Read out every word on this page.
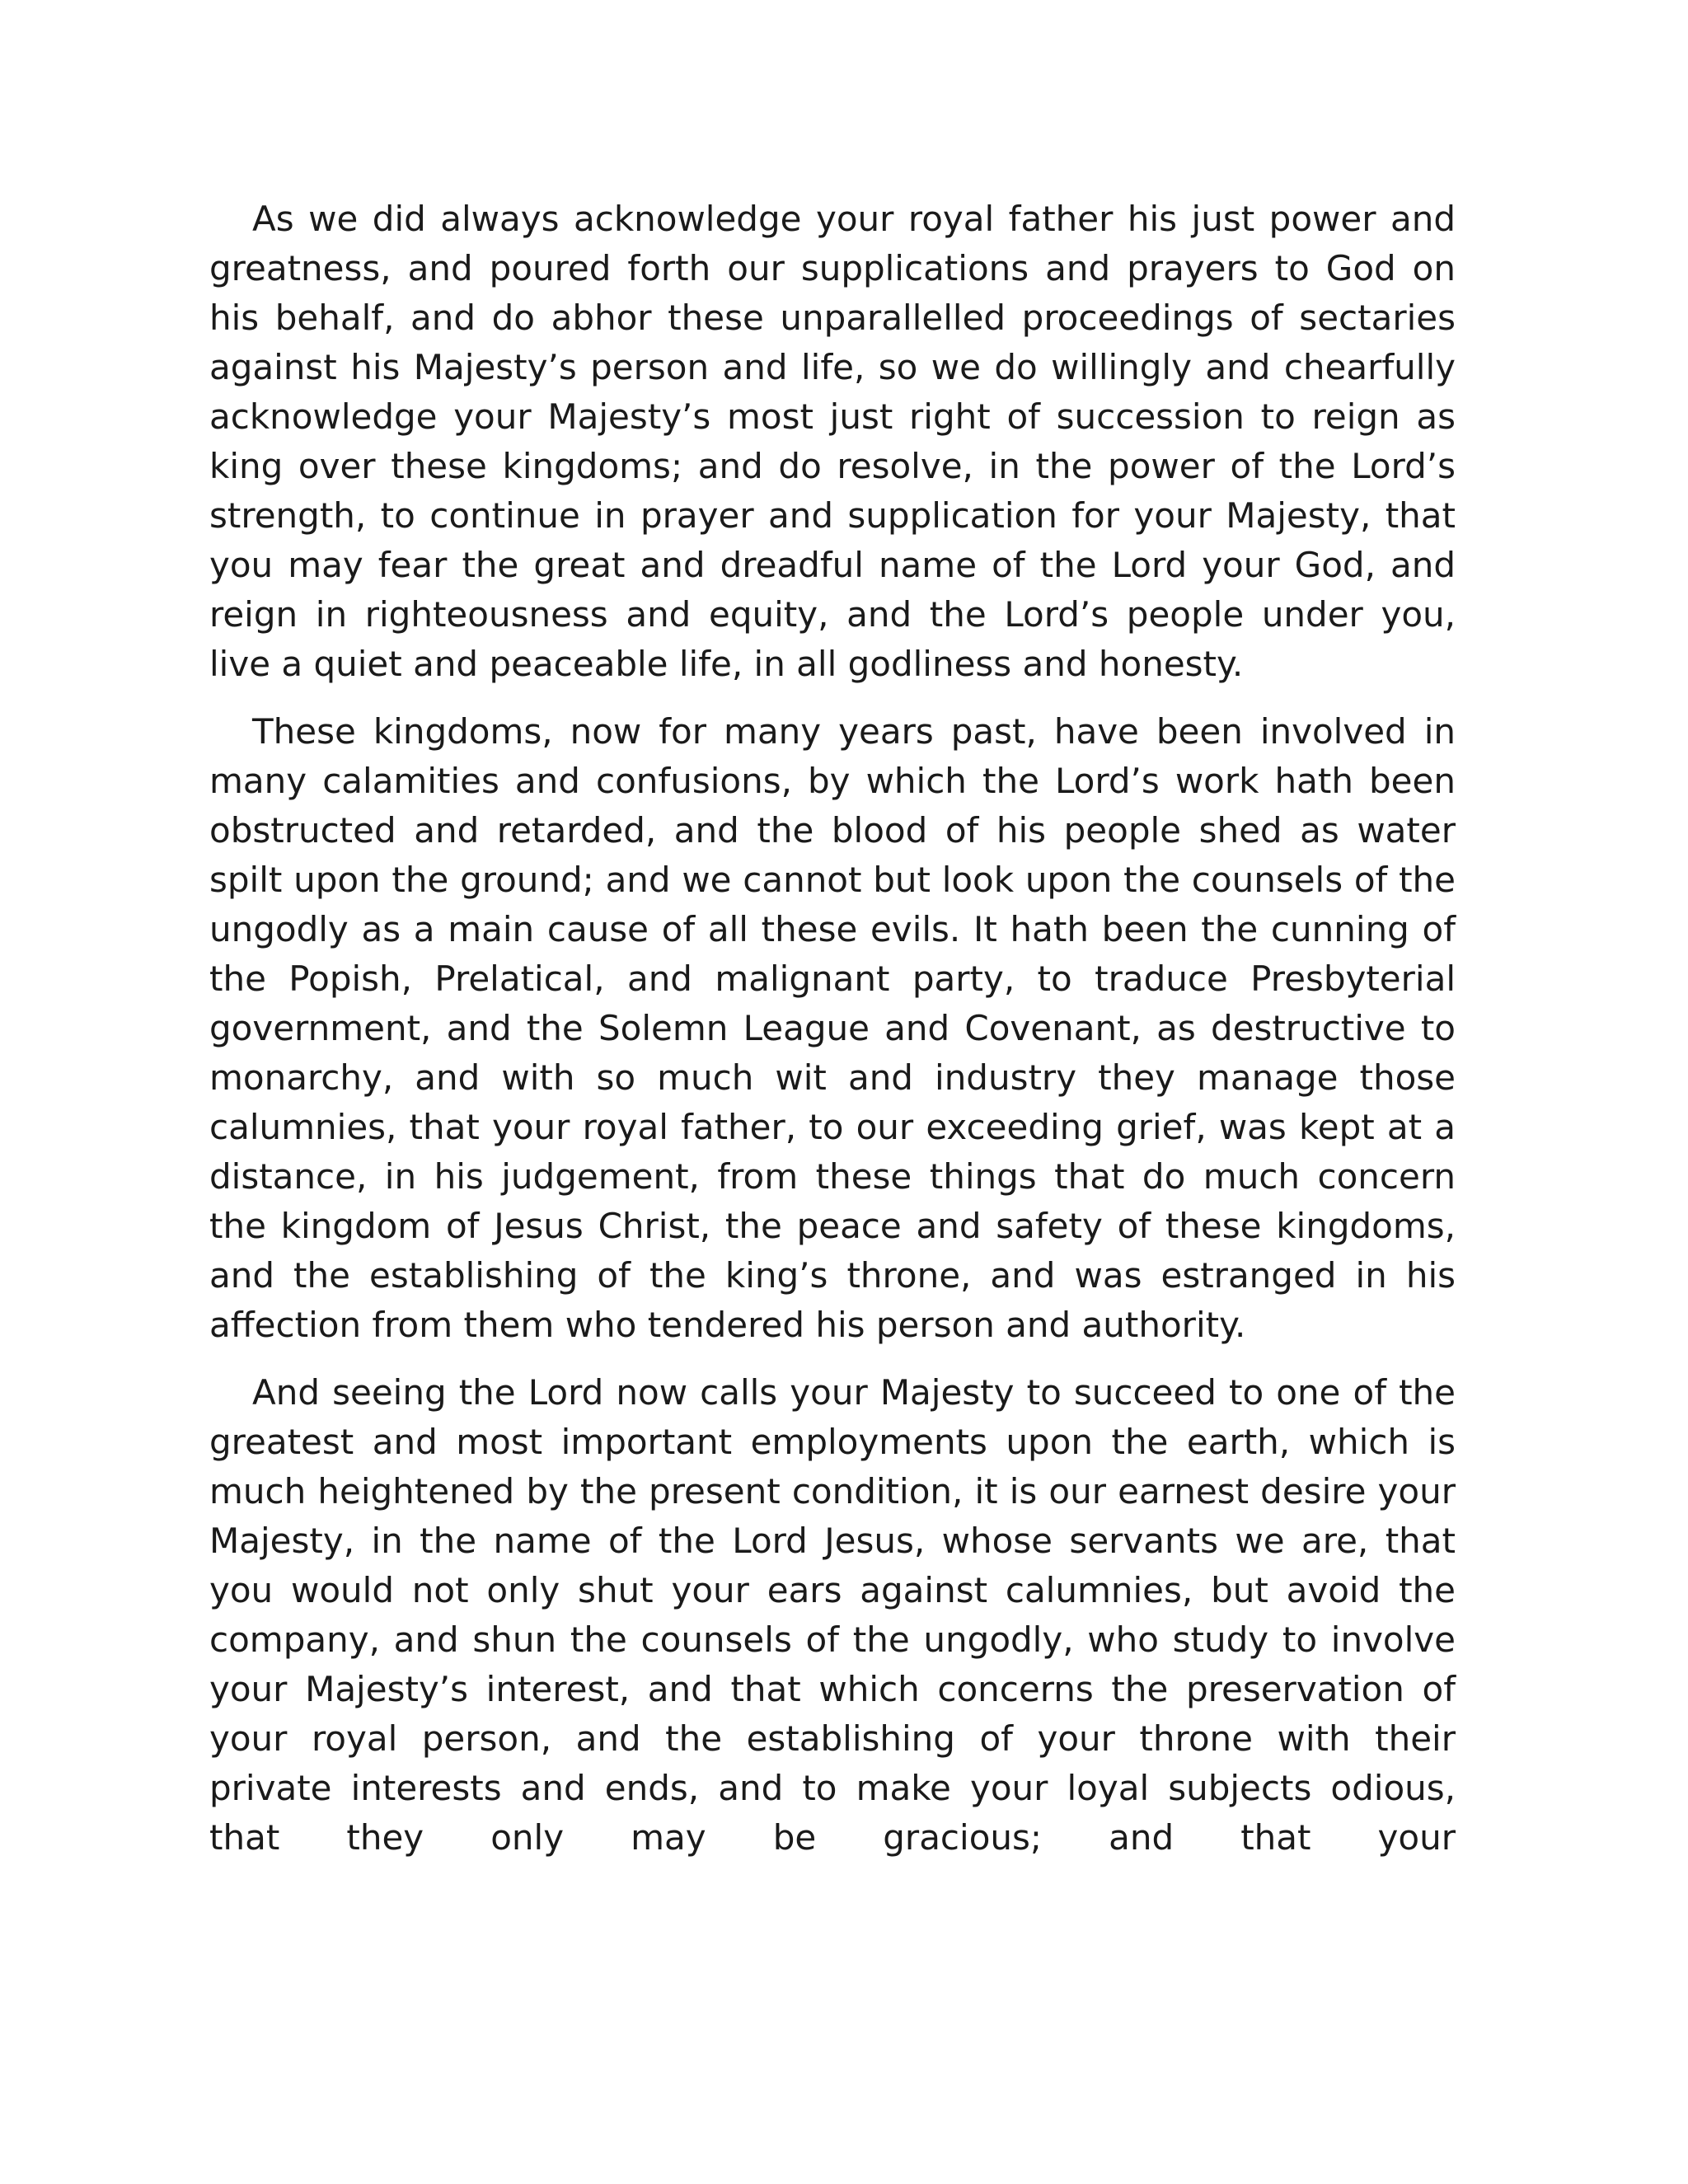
As we did always acknowledge your royal father his just power and greatness, and poured forth our supplications and prayers to God on his behalf, and do abhor these unparallelled proceedings of sectaries against his Majesty’s person and life, so we do willingly and chearfully acknowledge your Majesty’s most just right of succession to reign as king over these kingdoms; and do resolve, in the power of the Lord’s strength, to continue in prayer and supplication for your Majesty, that you may fear the great and dreadful name of the Lord your God, and reign in righteousness and equity, and the Lord’s people under you, live a quiet and peaceable life, in all godliness and honesty.

These kingdoms, now for many years past, have been involved in many calamities and confusions, by which the Lord’s work hath been obstructed and retarded, and the blood of his people shed as water spilt upon the ground; and we cannot but look upon the counsels of the ungodly as a main cause of all these evils. It hath been the cunning of the Popish, Prelatical, and malignant party, to traduce Presbyterial government, and the Solemn League and Covenant, as destructive to monarchy, and with so much wit and industry they manage those calumnies, that your royal father, to our exceeding grief, was kept at a distance, in his judgement, from these things that do much concern the kingdom of Jesus Christ, the peace and safety of these kingdoms, and the establishing of the king’s throne, and was estranged in his affection from them who tendered his person and authority.

And seeing the Lord now calls your Majesty to succeed to one of the greatest and most important employments upon the earth, which is much heightened by the present condition, it is our earnest desire your Majesty, in the name of the Lord Jesus, whose servants we are, that you would not only shut your ears against calumnies, but avoid the company, and shun the counsels of the ungodly, who study to involve your Majesty’s interest, and that which concerns the preservation of your royal person, and the establishing of your throne with their private interests and ends, and to make your loyal subjects odious, that they only may be gracious; and that your
